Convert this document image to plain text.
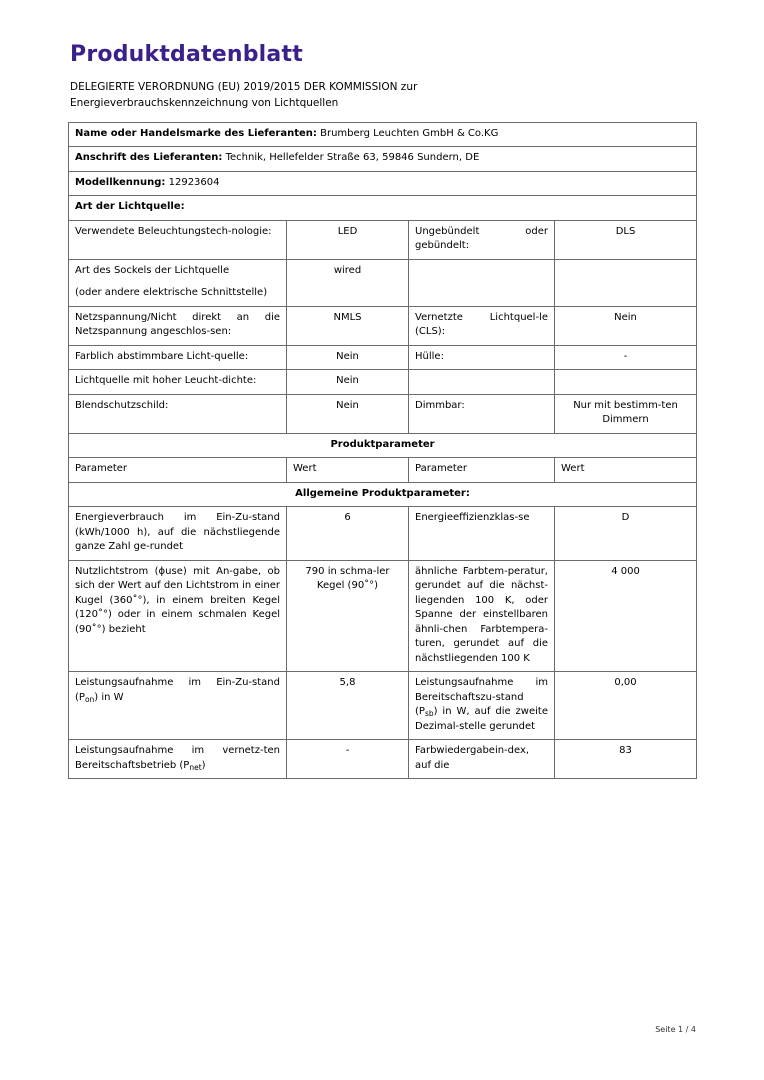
Produktdatenblatt
DELEGIERTE VERORDNUNG (EU) 2019/2015 DER KOMMISSION zur
Energieverbrauchskennzeichnung von Lichtquellen
Name oder Handelsmarke des Lieferanten: Brumberg Leuchten GmbH & Co.KG			
Anschrift des Lieferanten: Technik, Hellefelder Straße 63, 59846 Sundern, DE			
Modellkennung: 12923604			
Art der Lichtquelle:			
Verwendete Beleuchtungstech-nologie:	LED	Ungebündelt oder gebündelt:	DLS

Art des Sockels der Lichtquelle
(oder andere elektrische Schnittstelle)	wired		
Netzspannung/Nicht direkt an die Netzspannung angeschlos-sen:	NMLS	Vernetzte Lichtquel-le (CLS):	Nein
Farblich abstimmbare Licht-quelle:	Nein	Hülle:	-
Lichtquelle mit hoher Leucht-dichte:	Nein		
Blendschutzschild:	Nein	Dimmbar:	Nur mit bestimm-ten Dimmern
Produktparameter			
Parameter	Wert	Parameter	Wert
Allgemeine Produktparameter:			
Energieverbrauch im Ein-Zu-stand (kWh/1000 h), auf die nächstliegende ganze Zahl ge-rundet	6	Energieeffizienzklas-se	D
Nutzlichtstrom (ɸuse) mit An-gabe, ob sich der Wert auf den Lichtstrom in einer Kugel (360˚°), in einem breiten Kegel (120˚°) oder in einem schmalen Kegel (90˚°) bezieht	790 in schma-ler Kegel (90˚°)	ähnliche Farbtem-peratur, gerundet auf die nächst-liegenden 100 K, oder Spanne der einstellbaren ähnli-chen Farbtempera-turen, gerundet auf die nächstliegenden 100 K	4 000
Leistungsaufnahme im Ein-Zu-stand $(P_{on})$ in W	5,8	Leistungsaufnahme im Bereitschaftszu-stand $(P_{sb})$ in W, auf die zweite Dezimal-stelle gerundet	0,00
Leistungsaufnahme im vernetz-ten Bereitschaftsbetrieb $(P_{net})$	-	Farbwiedergabein-dex, auf die	83
Seite 1 / 4
